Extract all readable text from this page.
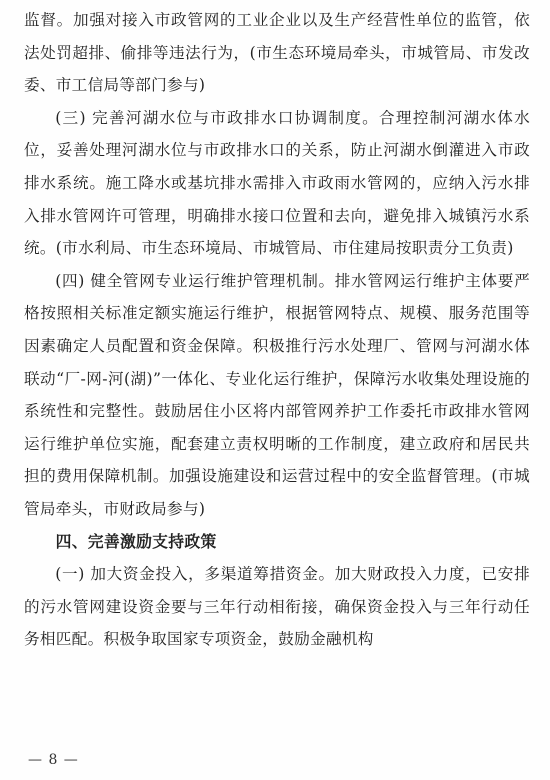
监督。加强对接入市政管网的工业企业以及生产经营性单位的监管，依法处罚超排、偷排等违法行为，(市生态环境局牵头，市城管局、市发改委、市工信局等部门参与)

(三) 完善河湖水位与市政排水口协调制度。合理控制河湖水体水位，妥善处理河湖水位与市政排水口的关系，防止河湖水倒灌进入市政排水系统。施工降水或基坑排水需排入市政雨水管网的，应纳入污水排入排水管网许可管理，明确排水接口位置和去向，避免排入城镇污水系统。(市水利局、市生态环境局、市城管局、市住建局按职责分工负责)

(四) 健全管网专业运行维护管理机制。排水管网运行维护主体要严格按照相关标准定额实施运行维护，根据管网特点、规模、服务范围等因素确定人员配置和资金保障。积极推行污水处理厂、管网与河湖水体联动“厂-网-河(湖)”一体化、专业化运行维护，保障污水收集处理设施的系统性和完整性。鼓励居住小区将内部管网养护工作委托市政排水管网运行维护单位实施，配套建立责权明晰的工作制度，建立政府和居民共担的费用保障机制。加强设施建设和运营过程中的安全监督管理。(市城管局牵头，市财政局参与)

四、完善激励支持政策

(一) 加大资金投入，多渠道筹措资金。加大财政投入力度，已安排的污水管网建设资金要与三年行动相衔接，确保资金投入与三年行动任务相匹配。积极争取国家专项资金，鼓励金融机构

— 8 —
